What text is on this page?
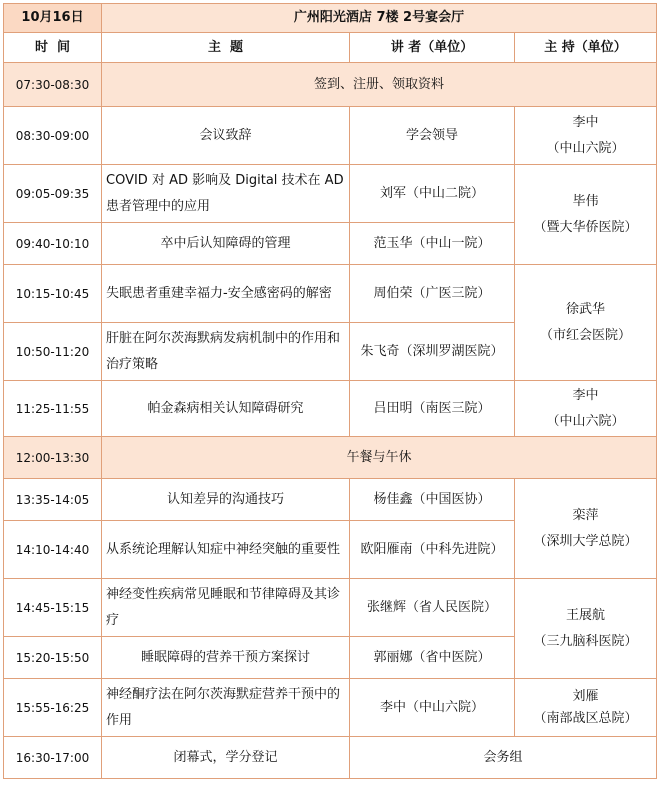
10月16日	广州阳光酒店 7楼 2号宴会厅		
时  间	主  题	讲 者（单位）	主 持（单位）
07:30-08:30	签到、注册、领取资料		
08:30-09:00	会议致辞	学会领导	李中
（中山六院）
09:05-09:35	COVID 对 AD 影响及 Digital 技术在 AD 患者管理中的应用	刘军（中山二院）	毕伟
（暨大华侨医院）
09:40-10:10	卒中后认知障碍的管理	范玉华（中山一院）	
10:15-10:45	失眠患者重建幸福力-安全感密码的解密	周伯荣（广医三院）	徐武华
（市红会医院）
10:50-11:20	肝脏在阿尔茨海默病发病机制中的作用和治疗策略	朱飞奇（深圳罗湖医院）	
11:25-11:55	帕金森病相关认知障碍研究	吕田明（南医三院）	李中
（中山六院）
12:00-13:30	午餐与午休		
13:35-14:05	认知差异的沟通技巧	杨佳鑫（中国医协）	栾萍
（深圳大学总院）
14:10-14:40	从系统论理解认知症中神经突触的重要性	欧阳雁南（中科先进院）	
14:45-15:15	神经变性疾病常见睡眠和节律障碍及其诊疗	张继辉（省人民医院）	王展航
（三九脑科医院）
15:20-15:50	睡眠障碍的营养干预方案探讨	郭丽娜（省中医院）	
15:55-16:25	神经酮疗法在阿尔茨海默症营养干预中的作用	李中（中山六院）	刘雁
（南部战区总院）
16:30-17:00	闭幕式，学分登记	会务组	
